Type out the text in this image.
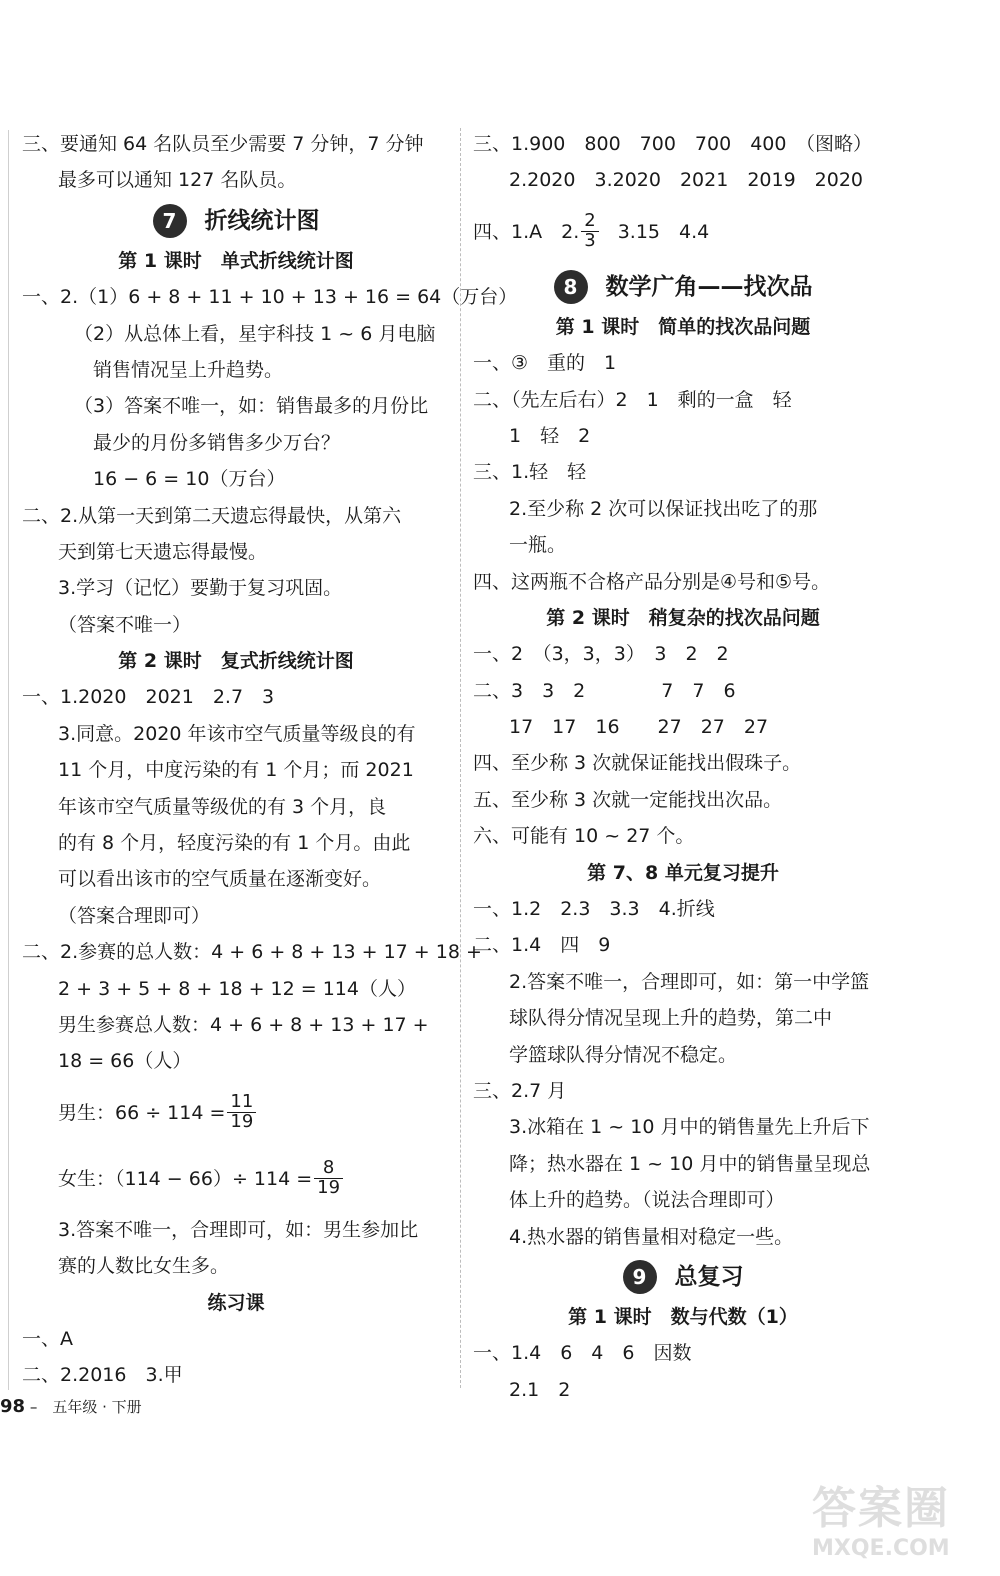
三、要通知 64 名队员至少需要 7 分钟，7 分钟
最多可以通知 127 名队员。
7	折线统计图
第 1 课时　单式折线统计图
一、2.（1）6 + 8 + 11 + 10 + 13 + 16 = 64（万台）
（2）从总体上看，星宇科技 1 ~ 6 月电脑
　销售情况呈上升趋势。
（3）答案不唯一，如：销售最多的月份比
　最少的月份多销售多少万台？
　16 − 6 = 10（万台）
二、2.从第一天到第二天遗忘得最快，从第六
天到第七天遗忘得最慢。
3.学习（记忆）要勤于复习巩固。
（答案不唯一）
第 2 课时　复式折线统计图
一、1.2020　2021　2.7　3
3.同意。2020 年该市空气质量等级良的有
11 个月，中度污染的有 1 个月；而 2021
年该市空气质量等级优的有 3 个月，良
的有 8 个月，轻度污染的有 1 个月。由此
可以看出该市的空气质量在逐渐变好。
（答案合理即可）
二、2.参赛的总人数：4 + 6 + 8 + 13 + 17 + 18 +
2 + 3 + 5 + 8 + 18 + 12 = 114（人）
男生参赛总人数：4 + 6 + 8 + 13 + 17 +
18 = 66（人）
男生：$66 \div 114 = \frac{11}{19}$
女生：$(114 - 66)\div 114 = \frac{8}{19}$
3.答案不唯一，合理即可，如：男生参加比
赛的人数比女生多。
练习课
一、A
二、2.2016　3.甲
三、1.900　800　700　700　400　（图略）
2.2020　3.2020　2021　2019　2020
四、1.A　2. $\frac{2}{3}$ 　3.15　4.4
8	数学广角——找次品
第 1 课时　简单的找次品问题
一、③　重的　1
二、（先左后右）2　1　剩的一盒　轻
1　轻　2
三、1.轻　轻
2.至少称 2 次可以保证找出吃了的那
一瓶。
四、这两瓶不合格产品分别是④号和⑤号。
第 2 课时　稍复杂的找次品问题
一、2　（3，3，3）　3　2　2
二、3　3　2　　　　7　7　6
17　17　16　　27　27　27
四、至少称 3 次就保证能找出假珠子。
五、至少称 3 次就一定能找出次品。
六、可能有 10 ~ 27 个。
第 7、8 单元复习提升
一、1.2　2.3　3.3　4.折线
二、1.4　四　9
2.答案不唯一，合理即可，如：第一中学篮
球队得分情况呈现上升的趋势，第二中
学篮球队得分情况不稳定。
三、2.7 月
3.冰箱在 1 ~ 10 月中的销售量先上升后下
降；热水器在 1 ~ 10 月中的销售量呈现总
体上升的趋势。（说法合理即可）
4.热水器的销售量相对稳定一些。
9	总复习
第 1 课时　数与代数（1）
一、1.4　6　4　6　因数
2.1　2
98 –　五年级 · 下册
答案圈
MXQE.COM
